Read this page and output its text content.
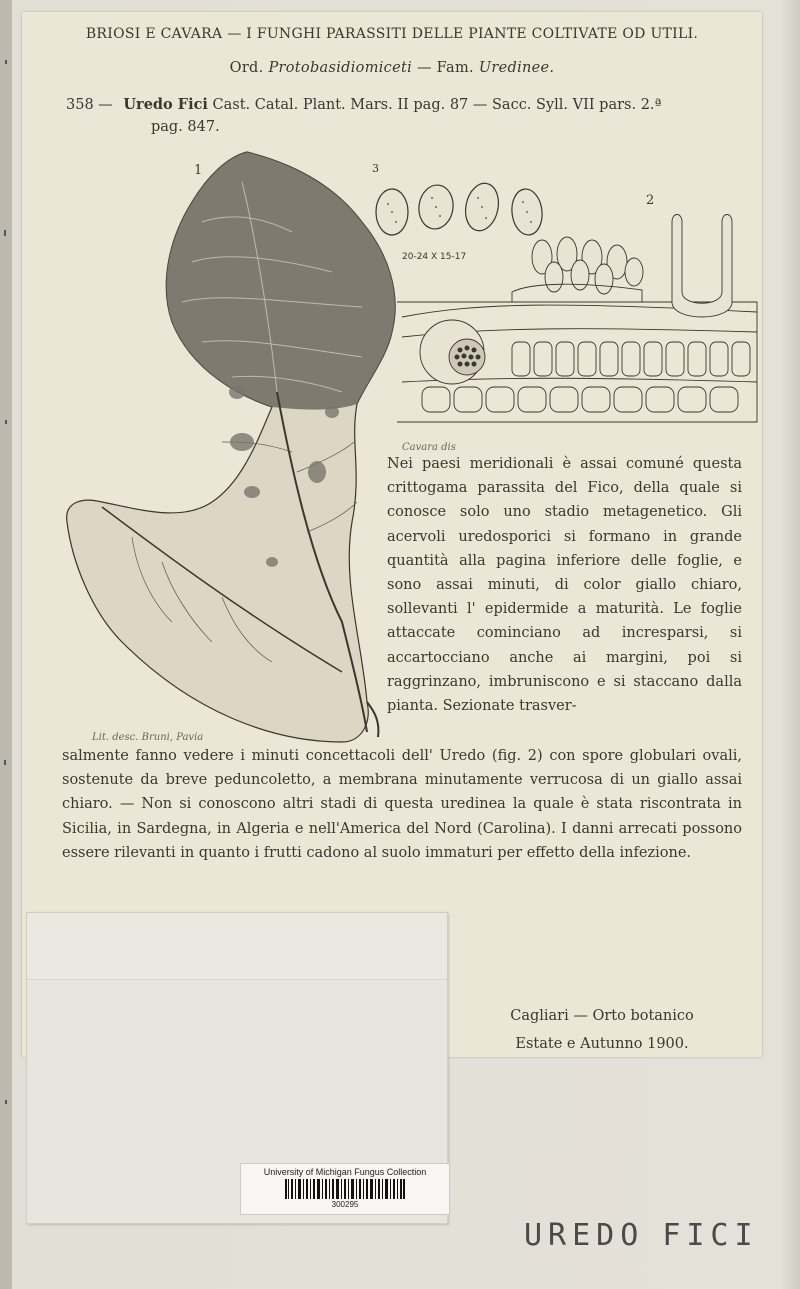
BRIOSI E CAVARA — I FUNGHI PARASSITI DELLE PIANTE COLTIVATE OD UTILI.
Ord. Protobasidiomiceti — Fam. Uredinee.
358 — Uredo Fici Cast. Catal. Plant. Mars. II pag. 87 — Sacc. Syll. VII pars. 2.ª
pag. 847.
1	3
2
20-24 X 15-17
Cavara dis
Lit. desc. Bruni, Pavia
Nei paesi meridionali è assai comuné questa crittogama parassita del Fico, della quale si conosce solo uno stadio metagenetico. Gli acervoli uredosporici si formano in grande quantità alla pagina inferiore delle foglie, e sono assai minuti, di color giallo chiaro, sollevanti l' epidermide a maturità. Le foglie attaccate cominciano ad incresparsi, si accartocciano anche ai margini, poi si raggrinzano, imbruniscono e si staccano dalla pianta. Sezionate trasver-
salmente fanno vedere i minuti concettacoli dell' Uredo (fig. 2) con spore globulari ovali, sostenute da breve peduncoletto, a membrana minutamente verrucosa di un giallo assai chiaro. — Non si conoscono altri stadi di questa uredinea la quale è stata riscontrata in Sicilia, in Sardegna, in Algeria e nell'America del Nord (Carolina). I danni arrecati possono essere rilevanti in quanto i frutti cadono al suolo immaturi per effetto della infezione.
Cagliari — Orto botanico
Estate e Autunno 1900.
University of Michigan Fungus Collection
300295
UREDO FICI
